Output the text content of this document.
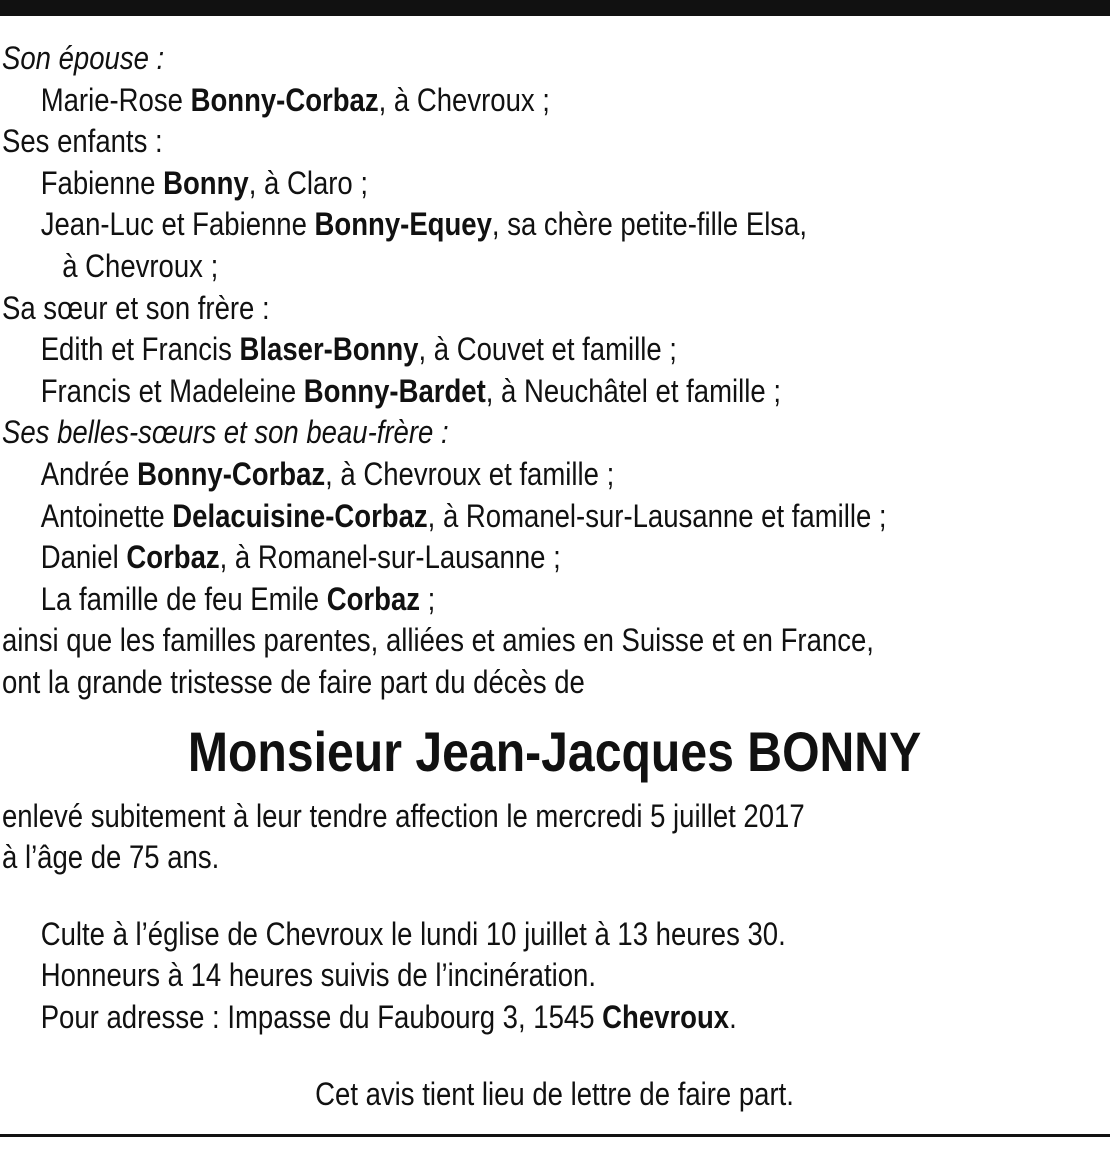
Son épouse :
Marie-Rose Bonny-Corbaz, à Chevroux ;
Ses enfants :
Fabienne Bonny, à Claro ;
Jean-Luc et Fabienne Bonny-Equey, sa chère petite-fille Elsa,
à Chevroux ;
Sa sœur et son frère :
Edith et Francis Blaser-Bonny, à Couvet et famille ;
Francis et Madeleine Bonny-Bardet, à Neuchâtel et famille ;
Ses belles-sœurs et son beau-frère :
Andrée Bonny-Corbaz, à Chevroux et famille ;
Antoinette Delacuisine-Corbaz, à Romanel-sur-Lausanne et famille ;
Daniel Corbaz, à Romanel-sur-Lausanne ;
La famille de feu Emile Corbaz ;
ainsi que les familles parentes, alliées et amies en Suisse et en France,
ont la grande tristesse de faire part du décès de
Monsieur Jean-Jacques BONNY
enlevé subitement à leur tendre affection le mercredi 5 juillet 2017
à l’âge de 75 ans.
Culte à l’église de Chevroux le lundi 10 juillet à 13 heures 30.
Honneurs à 14 heures suivis de l’incinération.
Pour adresse : Impasse du Faubourg 3, 1545 Chevroux.
Cet avis tient lieu de lettre de faire part.
